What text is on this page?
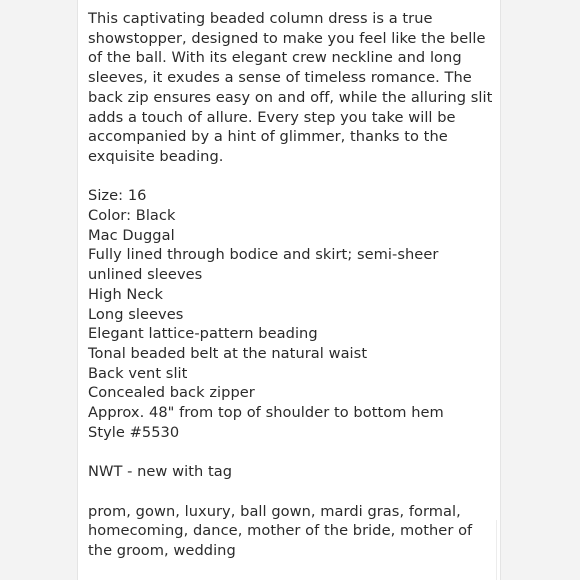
This captivating beaded column dress is a true
showstopper, designed to make you feel like the belle
of the ball. With its elegant crew neckline and long
sleeves, it exudes a sense of timeless romance. The
back zip ensures easy on and off, while the alluring slit
adds a touch of allure. Every step you take will be
accompanied by a hint of glimmer, thanks to the
exquisite beading.
Size: 16
Color: Black
Mac Duggal
Fully lined through bodice and skirt; semi-sheer
unlined sleeves
High Neck
Long sleeves
Elegant lattice-pattern beading
Tonal beaded belt at the natural waist
Back vent slit
Concealed back zipper
Approx. 48" from top of shoulder to bottom hem
Style #5530
NWT - new with tag
prom, gown, luxury, ball gown, mardi gras, formal,
homecoming, dance, mother of the bride, mother of
the groom, wedding
